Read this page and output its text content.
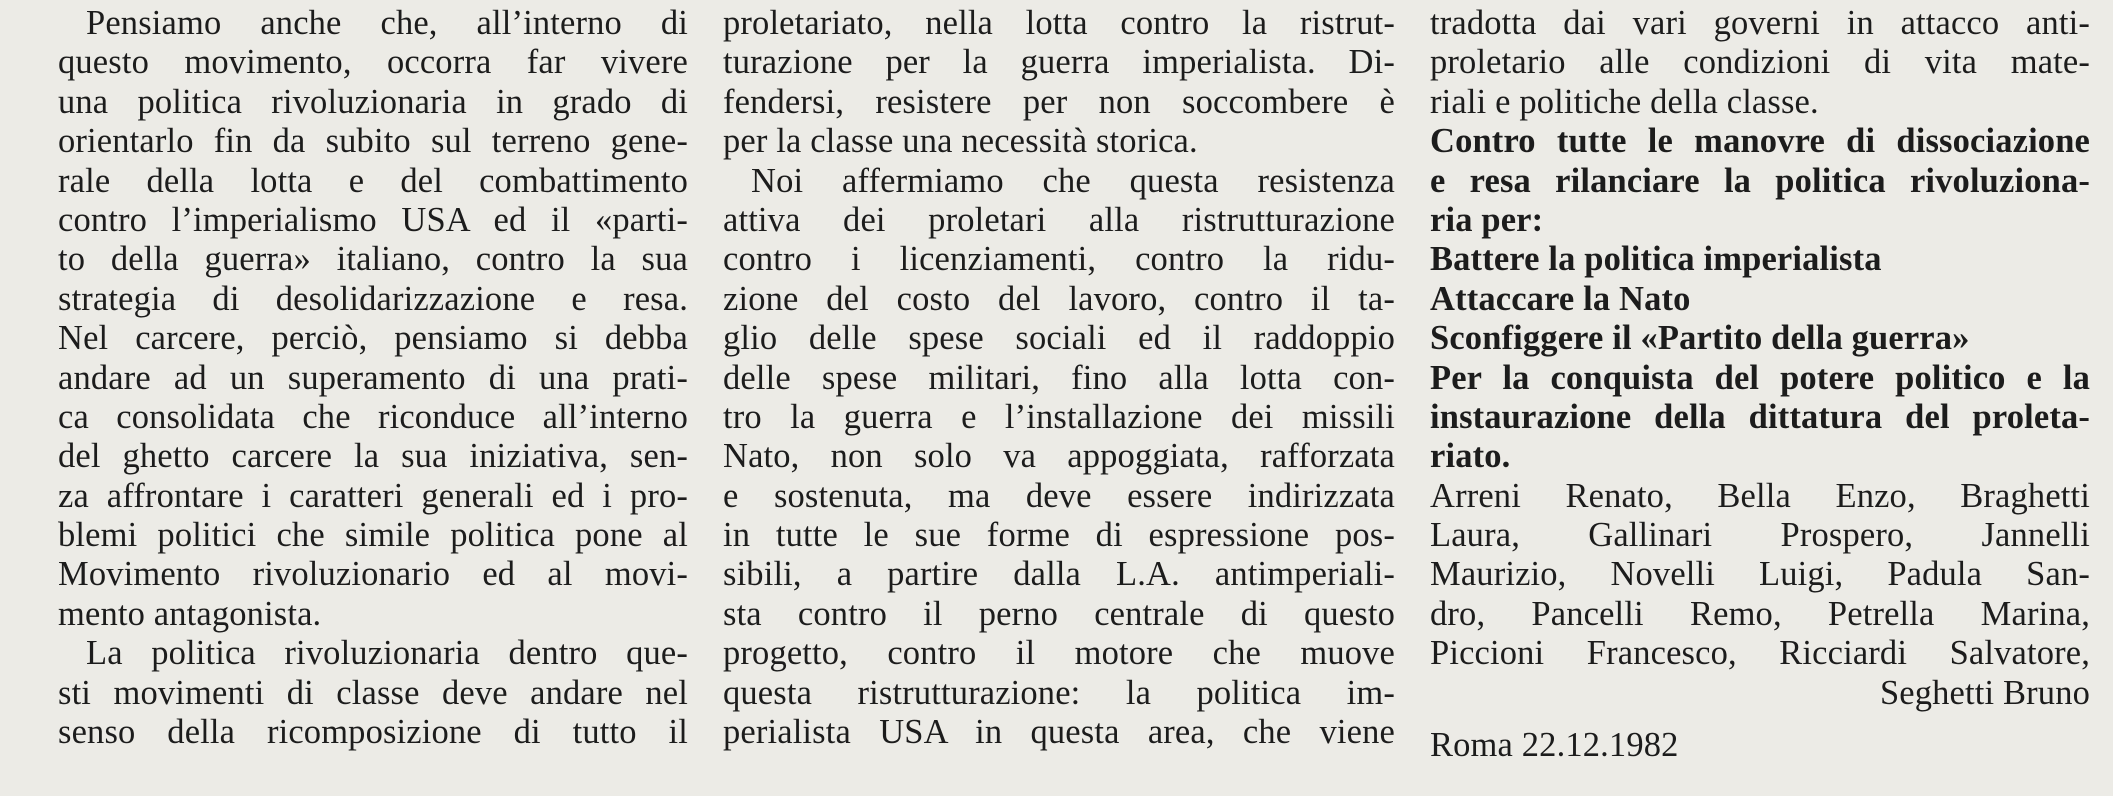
Pensiamo anche che, all’interno di
questo movimento, occorra far vivere
una politica rivoluzionaria in grado di
orientarlo fin da subito sul terreno gene-
rale della lotta e del combattimento
contro l’imperialismo USA ed il «parti-
to della guerra» italiano, contro la sua
strategia di desolidarizzazione e resa.
Nel carcere, perciò, pensiamo si debba
andare ad un superamento di una prati-
ca consolidata che riconduce all’interno
del ghetto carcere la sua iniziativa, sen-
za affrontare i caratteri generali ed i pro-
blemi politici che simile politica pone al
Movimento rivoluzionario ed al movi-
mento antagonista.
La politica rivoluzionaria dentro que-
sti movimenti di classe deve andare nel
senso della ricomposizione di tutto il
proletariato, nella lotta contro la ristrut-
turazione per la guerra imperialista. Di-
fendersi, resistere per non soccombere è
per la classe una necessità storica.
Noi affermiamo che questa resistenza
attiva dei proletari alla ristrutturazione
contro i licenziamenti, contro la ridu-
zione del costo del lavoro, contro il ta-
glio delle spese sociali ed il raddoppio
delle spese militari, fino alla lotta con-
tro la guerra e l’installazione dei missili
Nato, non solo va appoggiata, rafforzata
e sostenuta, ma deve essere indirizzata
in tutte le sue forme di espressione pos-
sibili, a partire dalla L.A. antimperiali-
sta contro il perno centrale di questo
progetto, contro il motore che muove
questa ristrutturazione: la politica im-
perialista USA in questa area, che viene
tradotta dai vari governi in attacco anti-
proletario alle condizioni di vita mate-
riali e politiche della classe.
Contro tutte le manovre di dissociazione
e resa rilanciare la politica rivoluziona-
ria per:
Battere la politica imperialista
Attaccare la Nato
Sconfiggere il «Partito della guerra»
Per la conquista del potere politico e la
instaurazione della dittatura del proleta-
riato.
Arreni Renato, Bella Enzo, Braghetti
Laura, Gallinari Prospero, Jannelli
Maurizio, Novelli Luigi, Padula San-
dro, Pancelli Remo, Petrella Marina,
Piccioni Francesco, Ricciardi Salvatore,
Seghetti Bruno
Roma 22.12.1982
